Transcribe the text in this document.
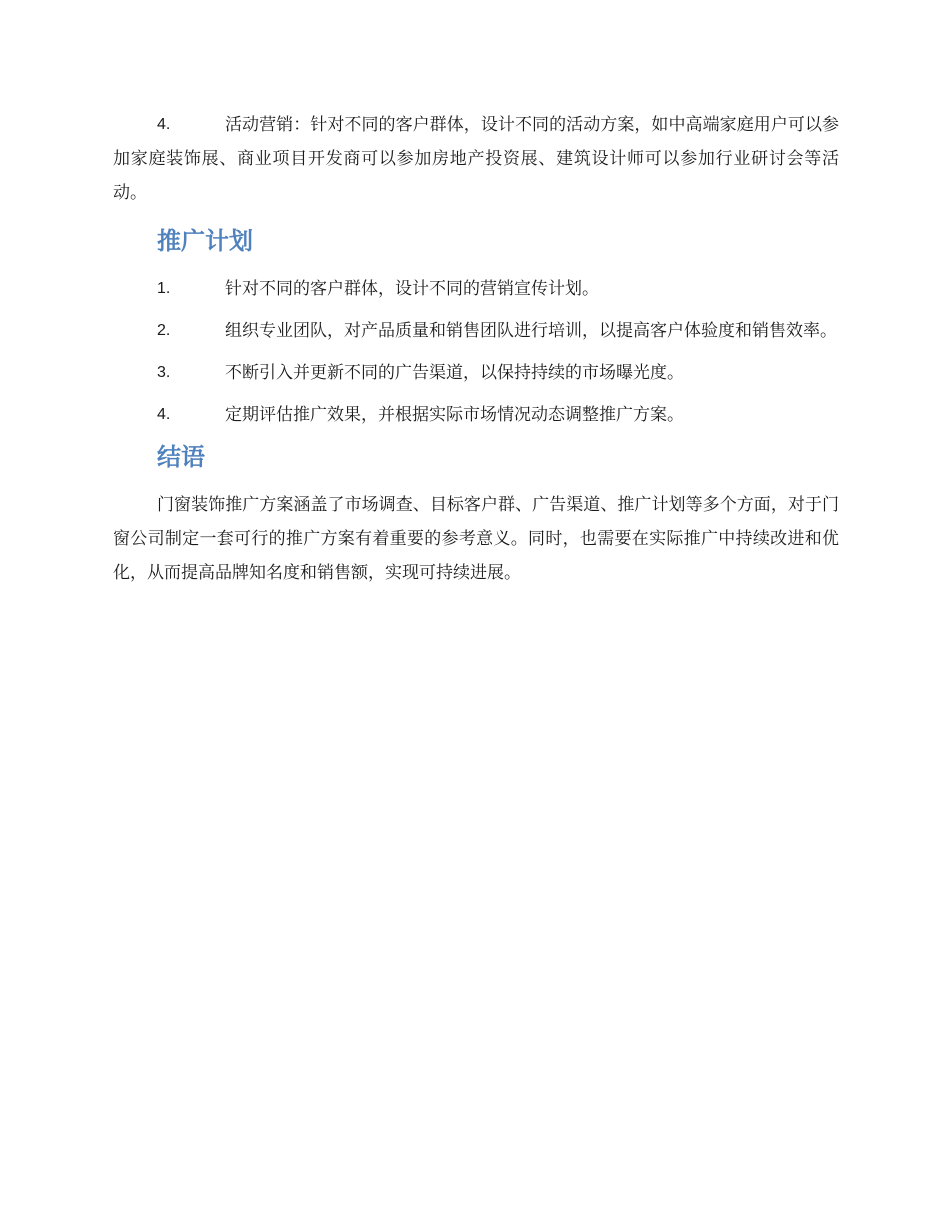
4.	活动营销：针对不同的客户群体，设计不同的活动方案，如中高端家庭用户可以参加家庭装饰展、商业项目开发商可以参加房地产投资展、建筑设计师可以参加行业研讨会等活动。
推广计划
1.	针对不同的客户群体，设计不同的营销宣传计划。
2.	组织专业团队，对产品质量和销售团队进行培训，以提高客户体验度和销售效率。
3.	不断引入并更新不同的广告渠道，以保持持续的市场曝光度。
4.	定期评估推广效果，并根据实际市场情况动态调整推广方案。
结语

门窗装饰推广方案涵盖了市场调查、目标客户群、广告渠道、推广计划等多个方面，对于门窗公司制定一套可行的推广方案有着重要的参考意义。同时，也需要在实际推广中持续改进和优化，从而提高品牌知名度和销售额，实现可持续进展。
